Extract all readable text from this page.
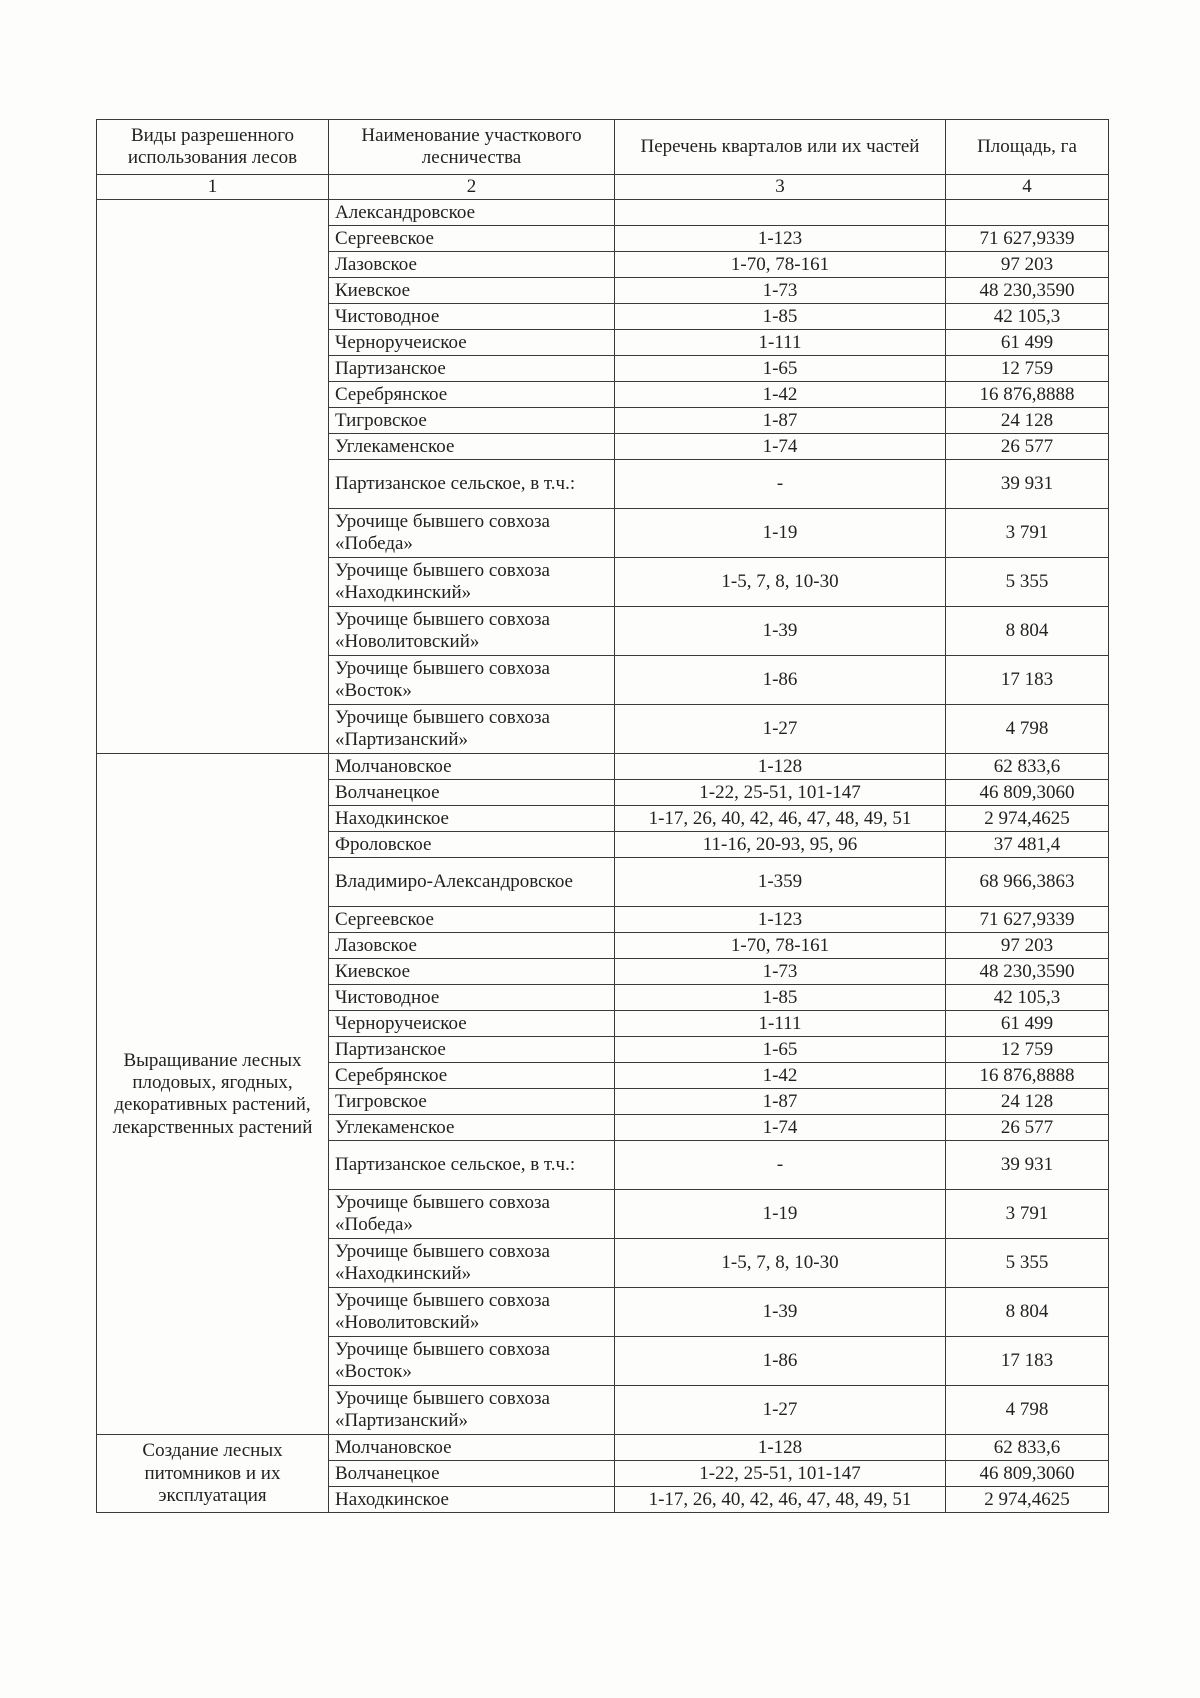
Виды разрешенного использования лесов	Наименование участкового лесничества	Перечень кварталов или их частей	Площадь, га
1	2	3	4
	Александровское		
	Сергеевское	1-123	71 627,9339
	Лазовское	1-70, 78-161	97 203
	Киевское	1-73	48 230,3590
	Чистоводное	1-85	42 105,3
	Черноручеиское	1-111	61 499
	Партизанское	1-65	12 759
	Серебрянское	1-42	16 876,8888
	Тигровское	1-87	24 128
	Углекаменское	1-74	26 577
	Партизанское сельское, в т.ч.:	-	39 931
	Урочище бывшего совхоза «Победа»	1-19	3 791
	Урочище бывшего совхоза «Находкинский»	1-5, 7, 8, 10-30	5 355
	Урочище бывшего совхоза «Новолитовский»	1-39	8 804
	Урочище бывшего совхоза «Восток»	1-86	17 183
	Урочище бывшего совхоза «Партизанский»	1-27	4 798
Выращивание лесных плодовых, ягодных, декоративных растений, лекарственных растений	Молчановское	1-128	62 833,6
	Волчанецкое	1-22, 25-51, 101-147	46 809,3060
	Находкинское	1-17, 26, 40, 42, 46, 47, 48, 49, 51	2 974,4625
	Фроловское	11-16, 20-93, 95, 96	37 481,4
	Владимиро-Александровское	1-359	68 966,3863
	Сергеевское	1-123	71 627,9339
	Лазовское	1-70, 78-161	97 203
	Киевское	1-73	48 230,3590
	Чистоводное	1-85	42 105,3
	Черноручеиское	1-111	61 499
	Партизанское	1-65	12 759
	Серебрянское	1-42	16 876,8888
	Тигровское	1-87	24 128
	Углекаменское	1-74	26 577
	Партизанское сельское, в т.ч.:	-	39 931
	Урочище бывшего совхоза «Победа»	1-19	3 791
	Урочище бывшего совхоза «Находкинский»	1-5, 7, 8, 10-30	5 355
	Урочище бывшего совхоза «Новолитовский»	1-39	8 804
	Урочище бывшего совхоза «Восток»	1-86	17 183
	Урочище бывшего совхоза «Партизанский»	1-27	4 798
Создание лесных питомников и их эксплуатация	Молчановское	1-128	62 833,6
	Волчанецкое	1-22, 25-51, 101-147	46 809,3060
	Находкинское	1-17, 26, 40, 42, 46, 47, 48, 49, 51	2 974,4625
